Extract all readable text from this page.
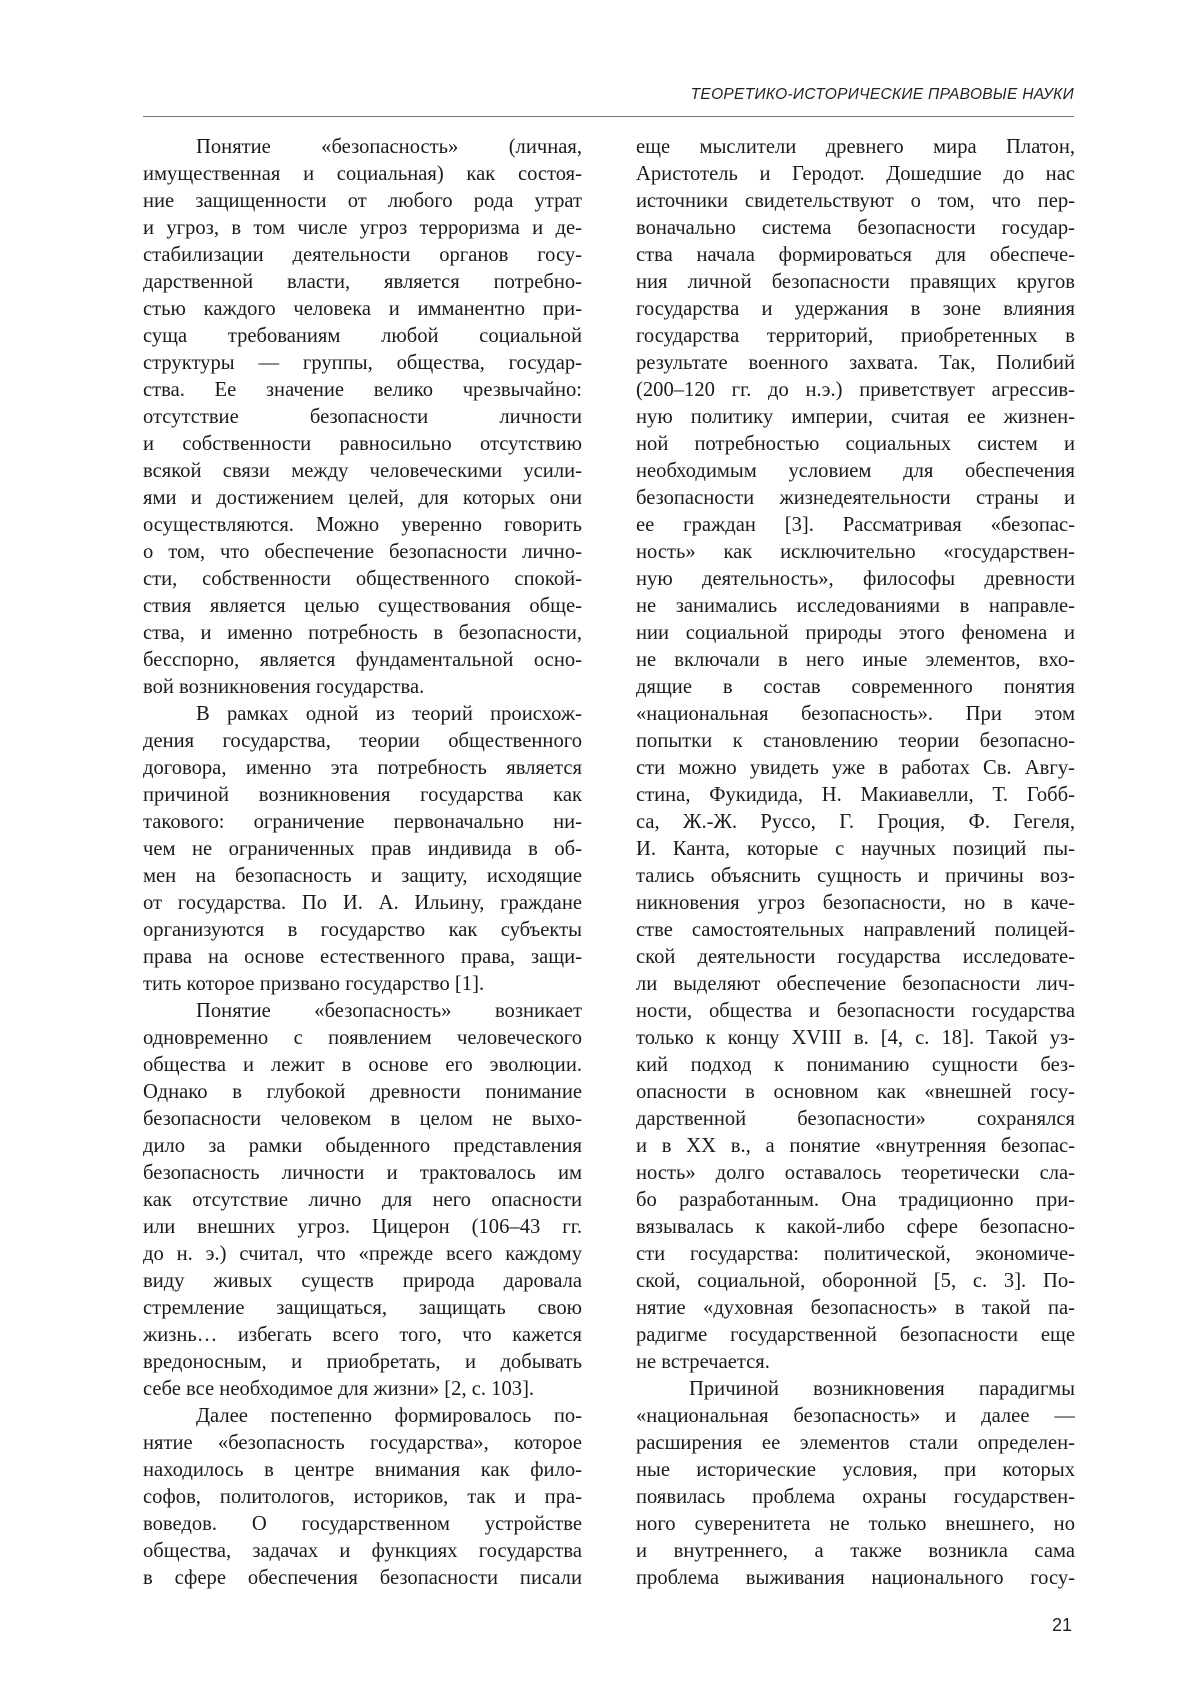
ТЕОРЕТИКО-ИСТОРИЧЕСКИЕ ПРАВОВЫЕ НАУКИ
Понятие «безопасность» (личная,
имущественная и социальная) как состоя-
ние защищенности от любого рода утрат
и угроз, в том числе угроз терроризма и де-
стабилизации деятельности органов госу-
дарственной власти, является потребно-
стью каждого человека и имманентно при-
суща требованиям любой социальной
структуры — группы, общества, государ-
ства. Ее значение велико чрезвычайно:
отсутствие безопасности личности
и собственности равносильно отсутствию
всякой связи между человеческими усили-
ями и достижением целей, для которых они
осуществляются. Можно уверенно говорить
о том, что обеспечение безопасности лично-
сти, собственности общественного спокой-
ствия является целью существования обще-
ства, и именно потребность в безопасности,
бесспорно, является фундаментальной осно-
вой возникновения государства.
В рамках одной из теорий происхож-
дения государства, теории общественного
договора, именно эта потребность является
причиной возникновения государства как
такового: ограничение первоначально ни-
чем не ограниченных прав индивида в об-
мен на безопасность и защиту, исходящие
от государства. По И. А. Ильину, граждане
организуются в государство как субъекты
права на основе естественного права, защи-
тить которое призвано государство [1].
Понятие «безопасность» возникает
одновременно с появлением человеческого
общества и лежит в основе его эволюции.
Однако в глубокой древности понимание
безопасности человеком в целом не выхо-
дило за рамки обыденного представления
безопасность личности и трактовалось им
как отсутствие лично для него опасности
или внешних угроз. Цицерон (106–43 гг.
до н. э.) считал, что «прежде всего каждому
виду живых существ природа даровала
стремление защищаться, защищать свою
жизнь… избегать всего того, что кажется
вредоносным, и приобретать, и добывать
себе все необходимое для жизни» [2, с. 103].
Далее постепенно формировалось по-
нятие «безопасность государства», которое
находилось в центре внимания как фило-
софов, политологов, историков, так и пра-
воведов. О государственном устройстве
общества, задачах и функциях государства
в сфере обеспечения безопасности писали
еще мыслители древнего мира Платон,
Аристотель и Геродот. Дошедшие до нас
источники свидетельствуют о том, что пер-
воначально система безопасности государ-
ства начала формироваться для обеспече-
ния личной безопасности правящих кругов
государства и удержания в зоне влияния
государства территорий, приобретенных в
результате военного захвата. Так, Полибий
(200–120 гг. до н.э.) приветствует агрессив-
ную политику империи, считая ее жизнен-
ной потребностью социальных систем и
необходимым условием для обеспечения
безопасности жизнедеятельности страны и
ее граждан [3]. Рассматривая «безопас-
ность» как исключительно «государствен-
ную деятельность», философы древности
не занимались исследованиями в направле-
нии социальной природы этого феномена и
не включали в него иные элементов, вхо-
дящие в состав современного понятия
«национальная безопасность». При этом
попытки к становлению теории безопасно-
сти можно увидеть уже в работах Св. Авгу-
стина, Фукидида, Н. Макиавелли, Т. Гобб-
са, Ж.-Ж. Руссо, Г. Гроция, Ф. Гегеля,
И. Канта, которые с научных позиций пы-
тались объяснить сущность и причины воз-
никновения угроз безопасности, но в каче-
стве самостоятельных направлений полицей-
ской деятельности государства исследовате-
ли выделяют обеспечение безопасности лич-
ности, общества и безопасности государства
только к концу XVIII в. [4, с. 18]. Такой уз-
кий подход к пониманию сущности без-
опасности в основном как «внешней госу-
дарственной безопасности» сохранялся
и в XX в., а понятие «внутренняя безопас-
ность» долго оставалось теоретически сла-
бо разработанным. Она традиционно при-
вязывалась к какой-либо сфере безопасно-
сти государства: политической, экономиче-
ской, социальной, оборонной [5, с. 3]. По-
нятие «духовная безопасность» в такой па-
радигме государственной безопасности еще
не встречается.
Причиной возникновения парадигмы
«национальная безопасность» и далее —
расширения ее элементов стали определен-
ные исторические условия, при которых
появилась проблема охраны государствен-
ного суверенитета не только внешнего, но
и внутреннего, а также возникла сама
проблема выживания национального госу-
21
